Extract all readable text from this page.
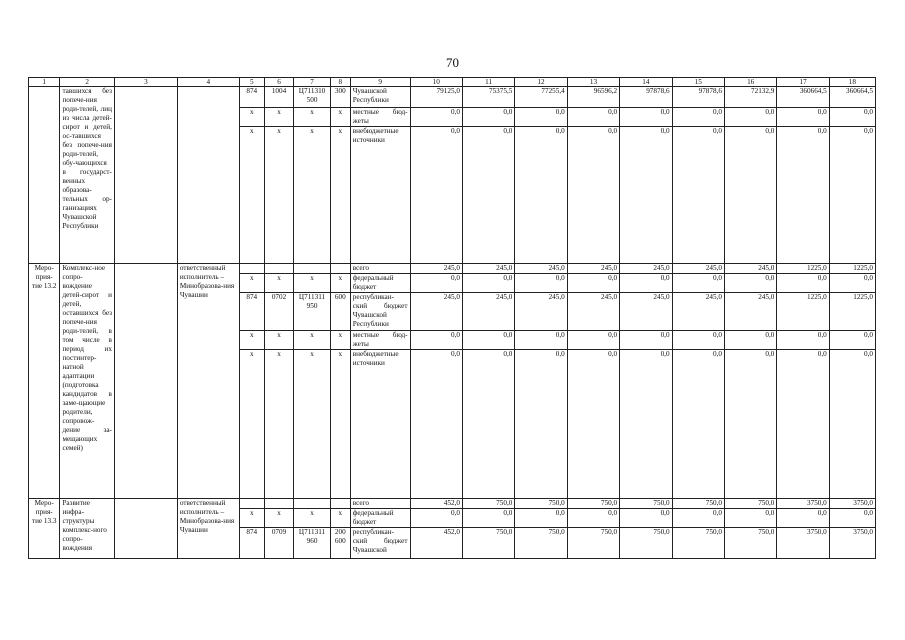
70
1	2	3	4	5	6	7	8	9	10	11	12	13	14	15	16	17	18
	тавшихся без попече-ния роди-телей, лиц из числа детей-сирот и детей, ос-тавшихся без попече-ния роди-телей, обу-чающихся в государст-венных образова-тельных ор-ганизациях Чувашской Республики			874	1004	Ц711310 500	300	Чувашской Республики	79125,0	75375,5	77255,4	96596,2	97878,6	97878,6	72132,9	360664,5	360664,5
				х	х	х	х	местные бюд-жеты	0,0	0,0	0,0	0,0	0,0	0,0	0,0	0,0	0,0
				х	х	х	х	внебюджетные источники	0,0	0,0	0,0	0,0	0,0	0,0	0,0	0,0	0,0
Меро-прия-тие 13.2	Комплекс-ное сопро-вождение детей-сирот и детей, оставшихся без попече-ния роди-телей, в том числе в период их постинтер-натной адаптации (подготовка кандидатов в заме-щающие родители, сопровож-дение за-мещающих семей)		ответственный исполнитель – Минобразова-ния Чувашии					всего	245,0	245,0	245,0	245,0	245,0	245,0	245,0	1225,0	1225,0
				х	х	х	х	федеральный бюджет	0,0	0,0	0,0	0,0	0,0	0,0	0,0	0,0	0,0
				874	0702	Ц711311 950	600	республикан-ский бюджет Чувашской Республики	245,0	245,0	245,0	245,0	245,0	245,0	245,0	1225,0	1225,0
				х	х	х	х	местные бюд-жеты	0,0	0,0	0,0	0,0	0,0	0,0	0,0	0,0	0,0
				х	х	х	х	внебюджетные источники	0,0	0,0	0,0	0,0	0,0	0,0	0,0	0,0	0,0
Меро-прия-тие 13.3	Развитие инфра-структуры комплекс-ного сопро-вождения		ответственный исполнитель – Минобразова-ния Чувашии					всего	452,0	750,0	750,0	750,0	750,0	750,0	750,0	3750,0	3750,0
				х	х	х	х	федеральный бюджет	0,0	0,0	0,0	0,0	0,0	0,0	0,0	0,0	0,0
				874	0709	Ц711311 960	200 600	республикан-ский бюджет Чувашской	452,0	750,0	750,0	750,0	750,0	750,0	750,0	3750,0	3750,0
